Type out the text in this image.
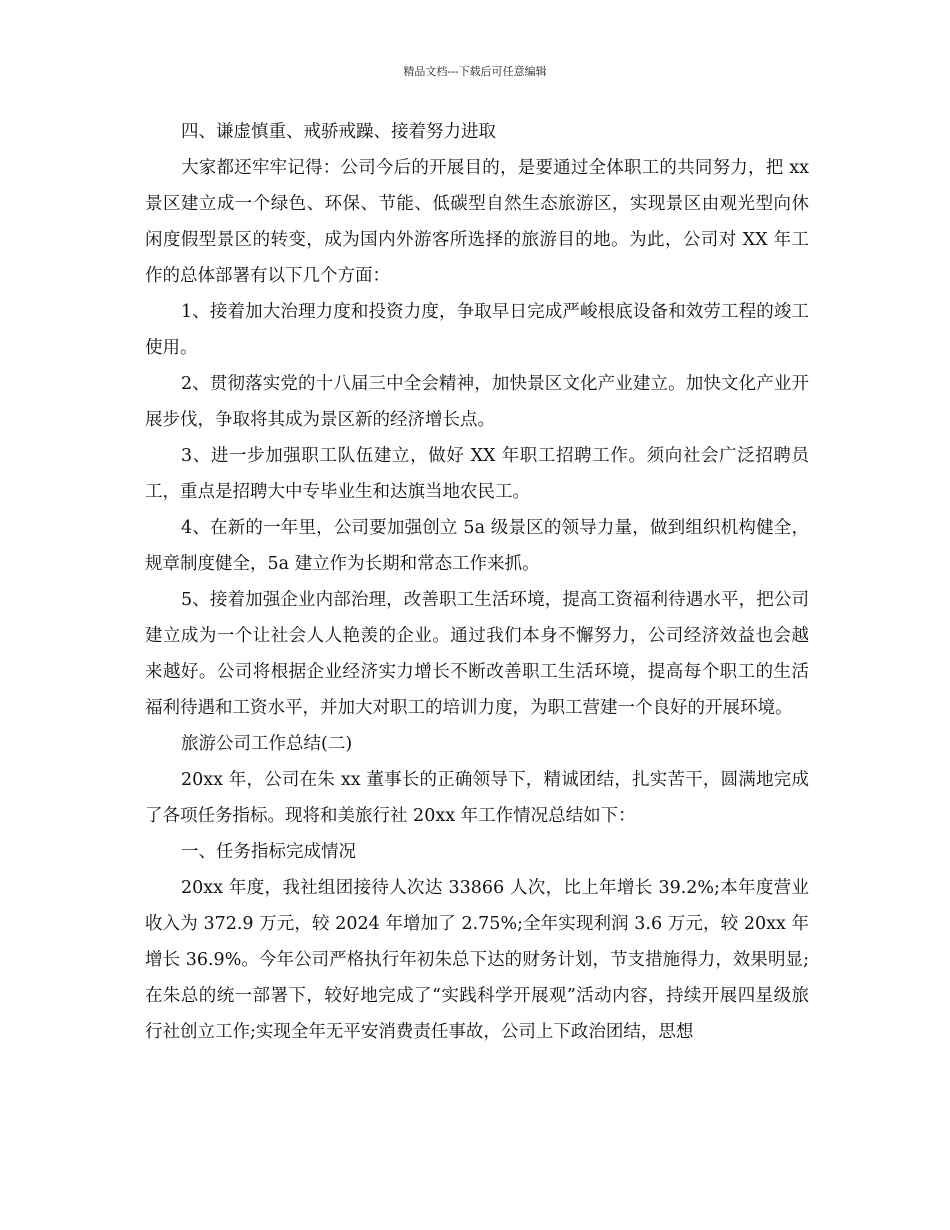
精品文档---下载后可任意编辑

四、谦虚慎重、戒骄戒躁、接着努力进取

大家都还牢牢记得：公司今后的开展目的，是要通过全体职工的共同努力，把 xx 景区建立成一个绿色、环保、节能、低碳型自然生态旅游区，实现景区由观光型向休闲度假型景区的转变，成为国内外游客所选择的旅游目的地。为此，公司对 XX 年工作的总体部署有以下几个方面：

1、接着加大治理力度和投资力度，争取早日完成严峻根底设备和效劳工程的竣工使用。

2、贯彻落实党的十八届三中全会精神，加快景区文化产业建立。加快文化产业开展步伐，争取将其成为景区新的经济增长点。

3、进一步加强职工队伍建立，做好 XX 年职工招聘工作。须向社会广泛招聘员工，重点是招聘大中专毕业生和达旗当地农民工。

4、在新的一年里，公司要加强创立 5a 级景区的领导力量，做到组织机构健全，规章制度健全，5a 建立作为长期和常态工作来抓。

5、接着加强企业内部治理，改善职工生活环境，提高工资福利待遇水平，把公司建立成为一个让社会人人艳羡的企业。通过我们本身不懈努力，公司经济效益也会越来越好。公司将根据企业经济实力增长不断改善职工生活环境，提高每个职工的生活福利待遇和工资水平，并加大对职工的培训力度，为职工营建一个良好的开展环境。

旅游公司工作总结(二)

20xx 年，公司在朱 xx 董事长的正确领导下，精诚团结，扎实苦干，圆满地完成了各项任务指标。现将和美旅行社 20xx 年工作情况总结如下：

一、任务指标完成情况

20xx 年度，我社组团接待人次达 33866 人次，比上年增长 39.2%;本年度营业收入为 372.9 万元，较 2024 年增加了 2.75%;全年实现利润 3.6 万元，较 20xx 年增长 36.9%。今年公司严格执行年初朱总下达的财务计划，节支措施得力，效果明显;在朱总的统一部署下，较好地完成了“实践科学开展观”活动内容，持续开展四星级旅行社创立工作;实现全年无平安消费责任事故，公司上下政治团结，思想
